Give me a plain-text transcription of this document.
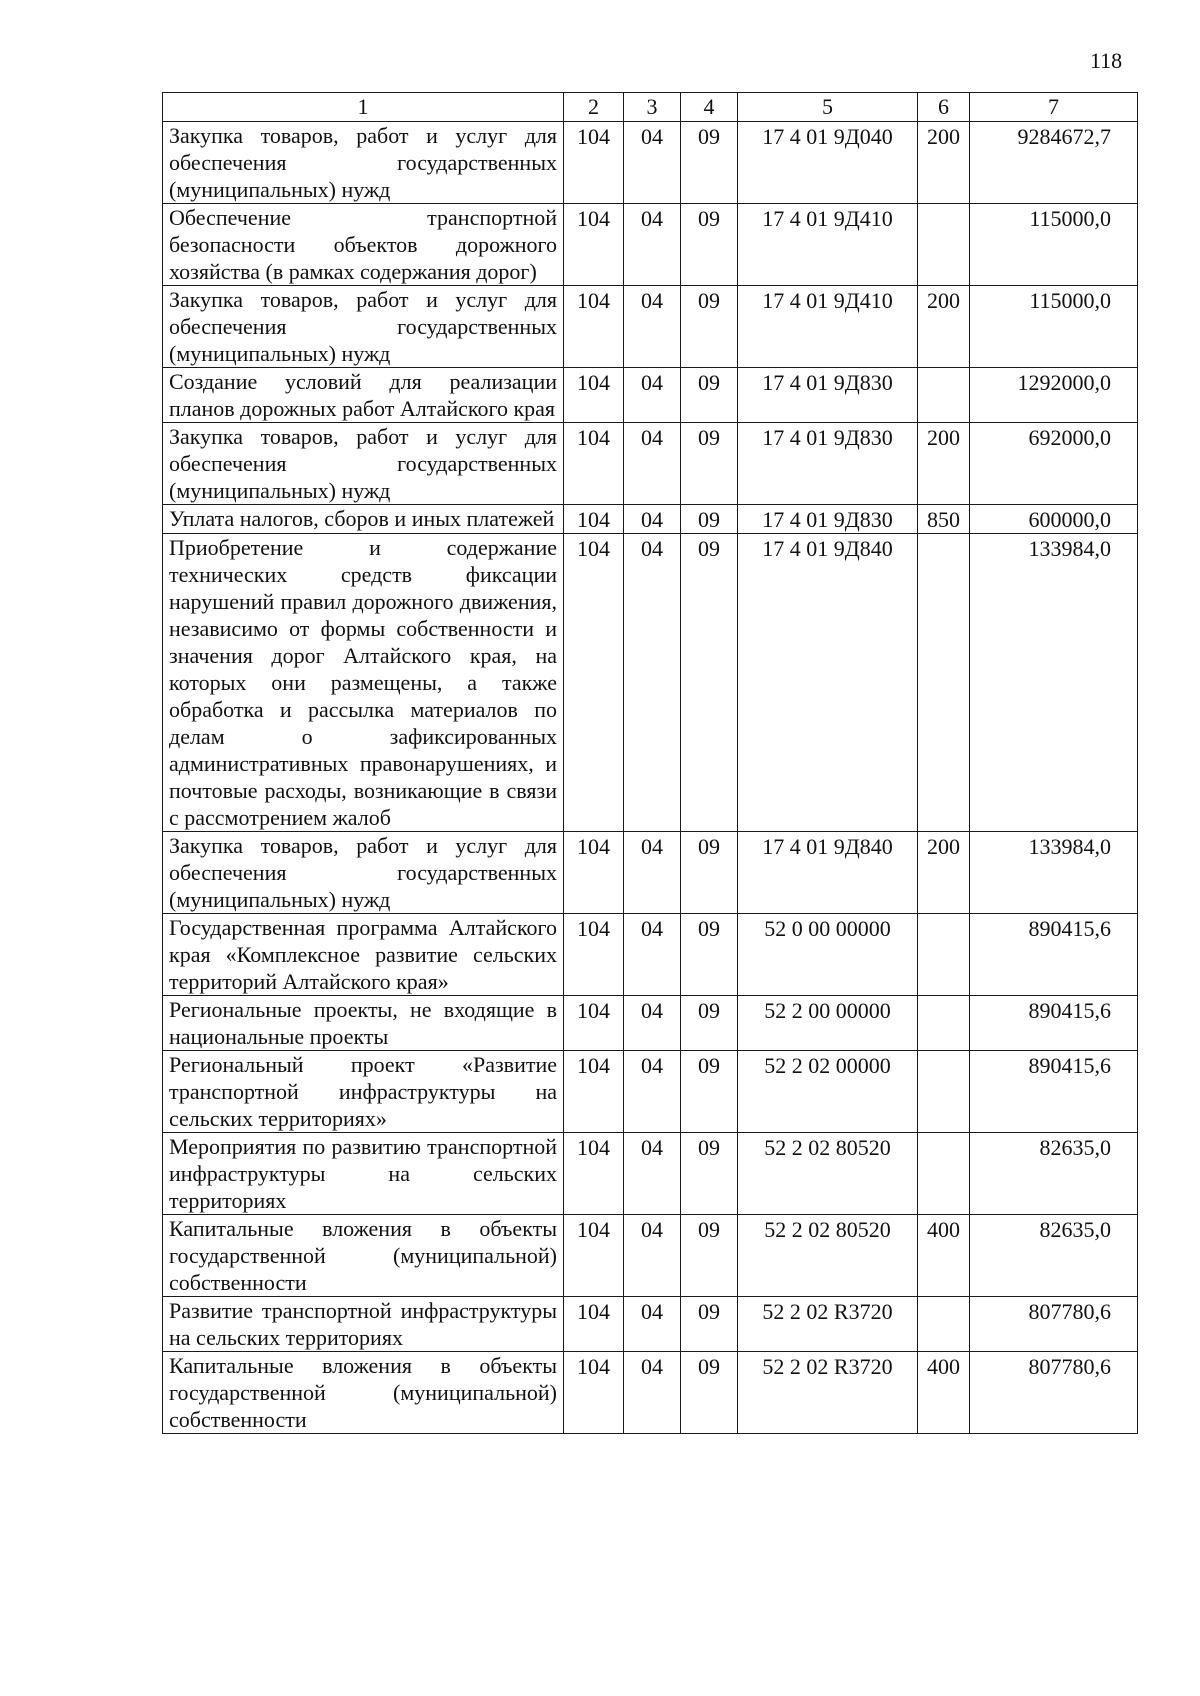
118
1	2	3	4	5	6	7
Закупка товаров, работ и услуг для обеспечения государственных (муниципальных) нужд	104	04	09	17 4 01 9Д040	200	9284672,7
Обеспечение транспортной безопасности объектов дорожного хозяйства (в рамках содержания дорог)	104	04	09	17 4 01 9Д410		115000,0
Закупка товаров, работ и услуг для обеспечения государственных (муниципальных) нужд	104	04	09	17 4 01 9Д410	200	115000,0
Создание условий для реализации планов дорожных работ Алтайского края	104	04	09	17 4 01 9Д830		1292000,0
Закупка товаров, работ и услуг для обеспечения государственных (муниципальных) нужд	104	04	09	17 4 01 9Д830	200	692000,0
Уплата налогов, сборов и иных платежей	104	04	09	17 4 01 9Д830	850	600000,0
Приобретение и содержание технических средств фиксации нарушений правил дорожного движения, независимо от формы собственности и значения дорог Алтайского края, на которых они размещены, а также обработка и рассылка материалов по делам о зафиксированных административных правонарушениях, и почтовые расходы, возникающие в связи с рассмотрением жалоб	104	04	09	17 4 01 9Д840		133984,0
Закупка товаров, работ и услуг для обеспечения государственных (муниципальных) нужд	104	04	09	17 4 01 9Д840	200	133984,0
Государственная программа Алтайского края «Комплексное развитие сельских территорий Алтайского края»	104	04	09	52 0 00 00000		890415,6
Региональные проекты, не входящие в национальные проекты	104	04	09	52 2 00 00000		890415,6
Региональный проект «Развитие транспортной инфраструктуры на сельских территориях»	104	04	09	52 2 02 00000		890415,6
Мероприятия по развитию транспортной инфраструктуры на сельских территориях	104	04	09	52 2 02 80520		82635,0
Капитальные вложения в объекты государственной (муниципальной) собственности	104	04	09	52 2 02 80520	400	82635,0
Развитие транспортной инфраструктуры на сельских территориях	104	04	09	52 2 02 R3720		807780,6
Капитальные вложения в объекты государственной (муниципальной) собственности	104	04	09	52 2 02 R3720	400	807780,6
